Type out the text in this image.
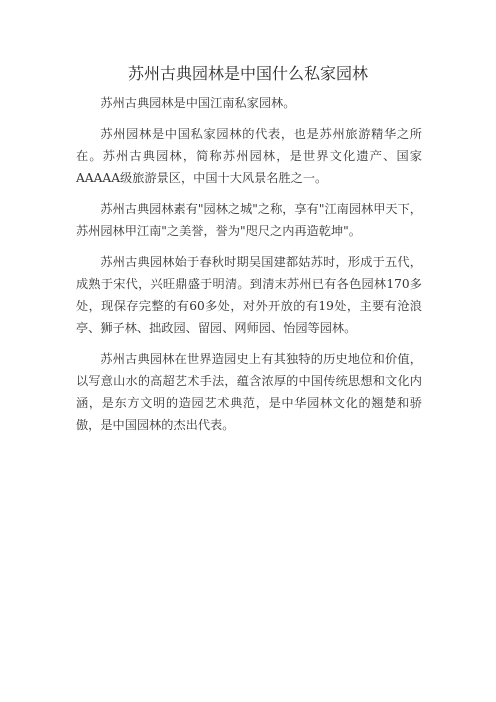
苏州古典园林是中国什么私家园林

苏州古典园林是中国江南私家园林。

苏州园林是中国私家园林的代表，也是苏州旅游精华之所在。苏州古典园林，简称苏州园林，是世界文化遗产、国家AAAAA级旅游景区，中国十大风景名胜之一。

苏州古典园林素有"园林之城"之称，享有"江南园林甲天下，苏州园林甲江南"之美誉，誉为"咫尺之内再造乾坤"。

苏州古典园林始于春秋时期吴国建都姑苏时，形成于五代，成熟于宋代，兴旺鼎盛于明清。到清末苏州已有各色园林170多处，现保存完整的有60多处，对外开放的有19处，主要有沧浪亭、狮子林、拙政园、留园、网师园、怡园等园林。

苏州古典园林在世界造园史上有其独特的历史地位和价值，以写意山水的高超艺术手法，蕴含浓厚的中国传统思想和文化内涵，是东方文明的造园艺术典范，是中华园林文化的翘楚和骄傲，是中国园林的杰出代表。
